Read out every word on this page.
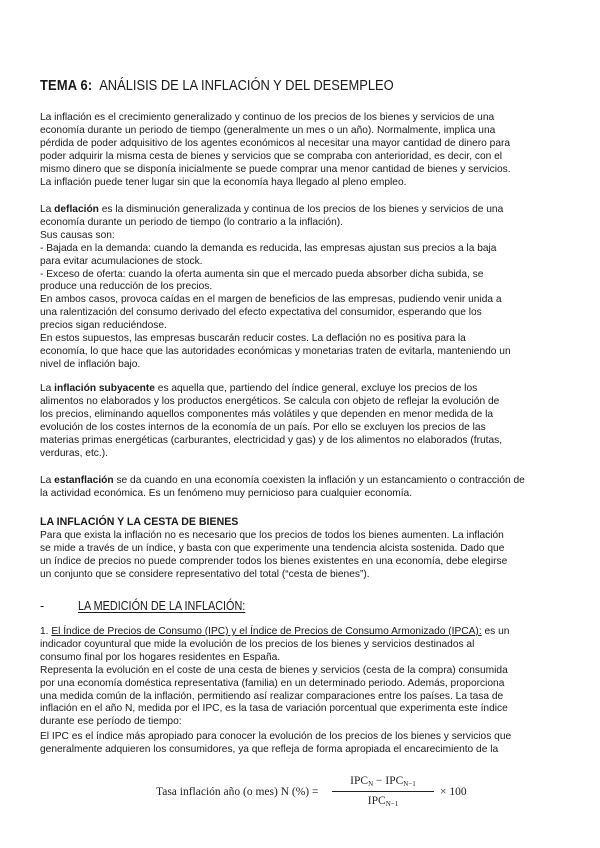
TEMA 6: ANÁLISIS DE LA INFLACIÓN Y DEL DESEMPLEO
La inflación es el crecimiento generalizado y continuo de los precios de los bienes y servicios de una
economía durante un periodo de tiempo (generalmente un mes o un año). Normalmente, implica una
pérdida de poder adquisitivo de los agentes económicos al necesitar una mayor cantidad de dinero para
poder adquirir la misma cesta de bienes y servicios que se compraba con anterioridad, es decir, con el
mismo dinero que se disponía inicialmente se puede comprar una menor cantidad de bienes y servicios.
La inflación puede tener lugar sin que la economía haya llegado al pleno empleo.
La deflación es la disminución generalizada y continua de los precios de los bienes y servicios de una
economía durante un periodo de tiempo (lo contrario a la inflación).
Sus causas son:
- Bajada en la demanda: cuando la demanda es reducida, las empresas ajustan sus precios a la baja
para evitar acumulaciones de stock.
- Exceso de oferta: cuando la oferta aumenta sin que el mercado pueda absorber dicha subida, se
produce una reducción de los precios.
En ambos casos, provoca caídas en el margen de beneficios de las empresas, pudiendo venir unida a
una ralentización del consumo derivado del efecto expectativa del consumidor, esperando que los
precios sigan reduciéndose.
En estos supuestos, las empresas buscarán reducir costes. La deflación no es positiva para la
economía, lo que hace que las autoridades económicas y monetarias traten de evitarla, manteniendo un
nivel de inflación bajo.
La inflación subyacente es aquella que, partiendo del índice general, excluye los precios de los
alimentos no elaborados y los productos energéticos. Se calcula con objeto de reflejar la evolución de
los precios, eliminando aquellos componentes más volátiles y que dependen en menor medida de la
evolución de los costes internos de la economía de un país. Por ello se excluyen los precios de las
materias primas energéticas (carburantes, electricidad y gas) y de los alimentos no elaborados (frutas,
verduras, etc.).
La estanflación se da cuando en una economía coexisten la inflación y un estancamiento o contracción de
la actividad económica. Es un fenómeno muy pernicioso para cualquier economía.
LA INFLACIÓN Y LA CESTA DE BIENES
Para que exista la inflación no es necesario que los precios de todos los bienes aumenten. La inflación
se mide a través de un índice, y basta con que experimente una tendencia alcista sostenida. Dado que
un índice de precios no puede comprender todos los bienes existentes en una economía, debe elegirse
un conjunto que se considere representativo del total (“cesta de bienes”).
-	LA MEDICIÓN DE LA INFLACIÓN:
1. El Índice de Precios de Consumo (IPC) y el Índice de Precios de Consumo Armonizado (IPCA): es un
indicador coyuntural que mide la evolución de los precios de los bienes y servicios destinados al
consumo final por los hogares residentes en España.
Representa la evolución en el coste de una cesta de bienes y servicios (cesta de la compra) consumida
por una economía doméstica representativa (familia) en un determinado periodo. Además, proporciona
una medida común de la inflación, permitiendo así realizar comparaciones entre los países. La tasa de
inflación en el año N, medida por el IPC, es la tasa de variación porcentual que experimenta este índice
durante ese período de tiempo:
El IPC es el índice más apropiado para conocer la evolución de los precios de los bienes y servicios que
generalmente adquieren los consumidores, ya que refleja de forma apropiada el encarecimiento de la
Tasa inflación año (o mes) N (%) =
$IPC_N - IPC_{N-1}$
$IPC_{N-1}$
× 100
